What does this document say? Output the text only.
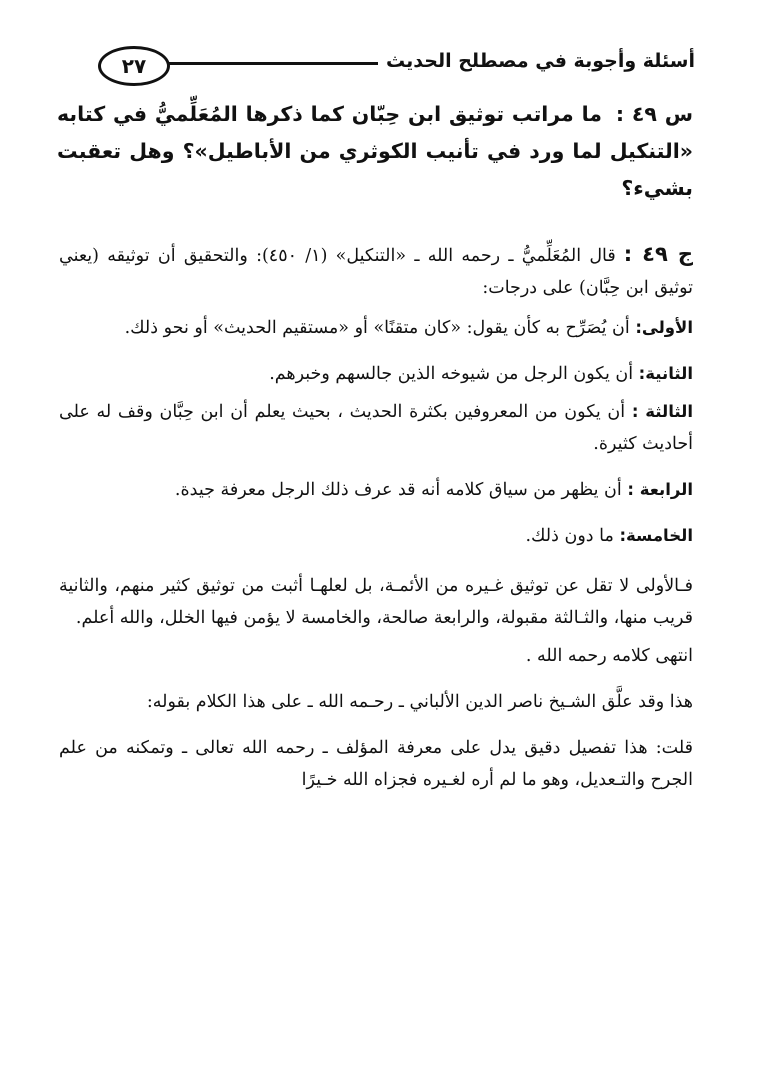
أسئلة وأجوبة في مصطلح الحديث
٢٧
س ٤٩ : ما مراتب توثيق ابن حِبّان كما ذكرها المُعَلِّميُّ في كتابه «التنكيل لما ورد في تأنيب الكوثري من الأباطيل»؟ وهل تعقبت بشيء؟

ج ٤٩ :قال المُعَلِّميُّ ـ رحمه الله ـ «التنكيل» (١/ ٤٥٠): والتحقيق أن توثيقه (يعني توثيق ابن حِبَّان) على درجات:

الأولى: أن يُصَرِّح به كأن يقول: «كان متقنًا» أو «مستقيم الحديث» أو نحو ذلك.

الثانية: أن يكون الرجل من شيوخه الذين جالسهم وخبرهم.

الثالثة : أن يكون من المعروفين بكثرة الحديث ، بحيث يعلم أن ابن حِبَّان وقف له على أحاديث كثيرة.

الرابعة : أن يظهر من سياق كلامه أنه قد عرف ذلك الرجل معرفة جيدة.

الخامسة: ما دون ذلك.

فـالأولى لا تقل عن توثيق غـيره من الأئمـة، بل لعلهـا أثبت من توثيق كثير منهم، والثانية قريب منها، والثـالثة مقبولة، والرابعة صالحة، والخامسة لا يؤمن فيها الخلل، والله أعلم.

انتهى كلامه رحمه الله .

هذا وقد علَّق الشـيخ ناصر الدين الألباني ـ رحـمه الله ـ على هذا الكلام بقوله:

قلت: هذا تفصيل دقيق يدل على معرفة المؤلف ـ رحمه الله تعالى ـ وتمكنه من علم الجرح والتـعديل، وهو ما لم أره لغـيره فجزاه الله خـيرًا
